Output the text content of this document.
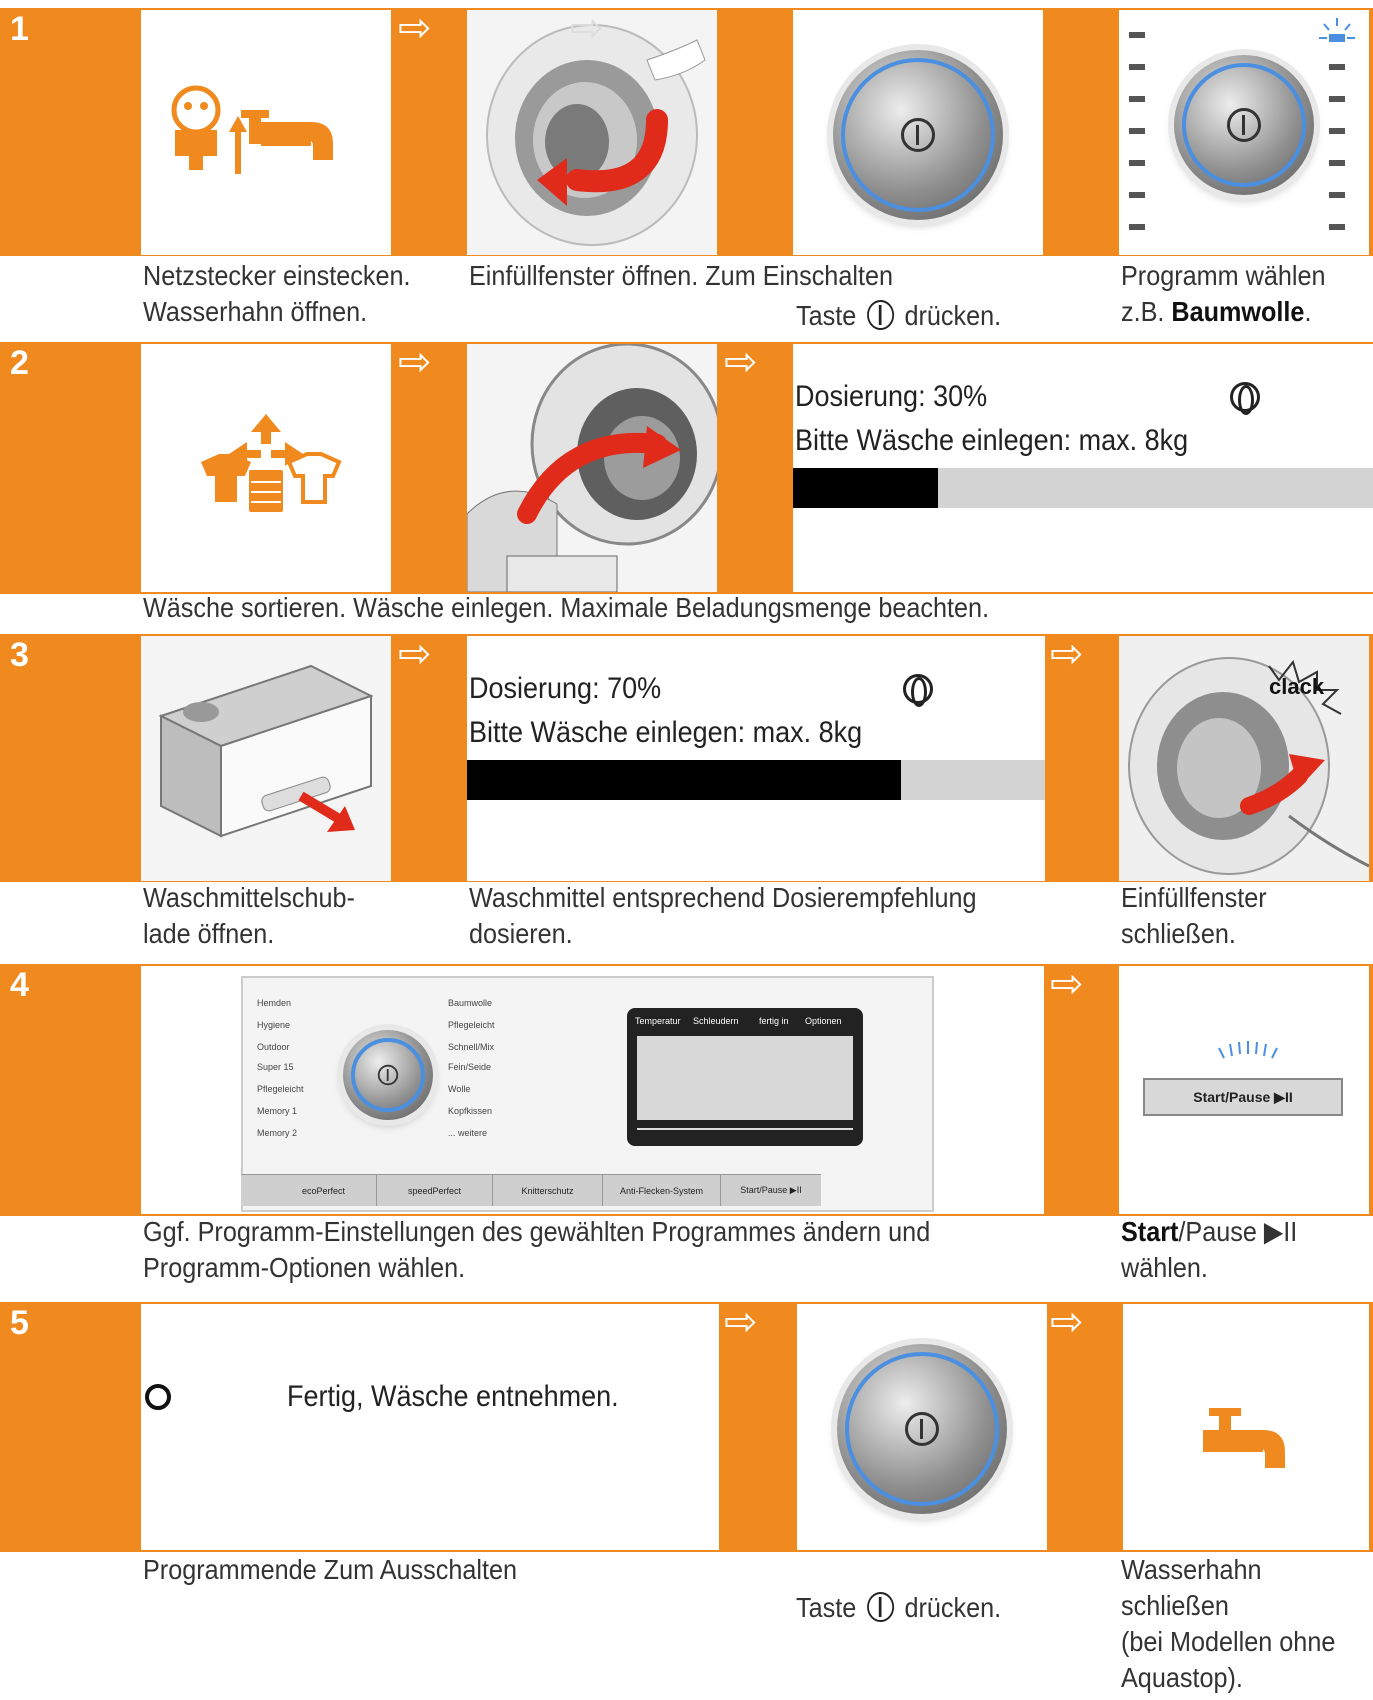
1	⇨	⇨
Netzstecker einstecken.
Wasserhahn öffnen.
Einfüllfenster öffnen. Zum Einschalten
Taste drücken.
Programm wählen
z.B. Baumwolle.
2	⇨	⇨
Dosierung: 30%
Bitte Wäsche einlegen: max. 8kg
Wäsche sortieren. Wäsche einlegen. Maximale Beladungsmenge beachten.
3	⇨
Dosierung: 70%
Bitte Wäsche einlegen: max. 8kg
⇨
clack
Waschmittelschub-
lade öffnen.
Waschmittel entsprechend Dosierempfehlung
dosieren.
Einfüllfenster
schließen.
4	Hemden
Hygiene
Outdoor
Super 15
Pflegeleicht
Memory 1
Memory 2
Baumwolle
Pflegeleicht
Schnell/Mix
Fein/Seide
Wolle
Kopfkissen
... weitere
Temperatur Schleudern fertig in Optionen
ecoPerfect	speedPerfect	Knitterschutz	Anti-Flecken-System	Start/Pause ▶II
⇨
Start/Pause ▶II
Ggf. Programm-Einstellungen des gewählten Programmes ändern und
Programm-Optionen wählen.
Start/Pause ▶II
wählen.
5
Fertig, Wäsche entnehmen.
⇨	⇨
Programmende Zum Ausschalten
Taste drücken.
Wasserhahn
schließen
(bei Modellen ohne
Aquastop).
